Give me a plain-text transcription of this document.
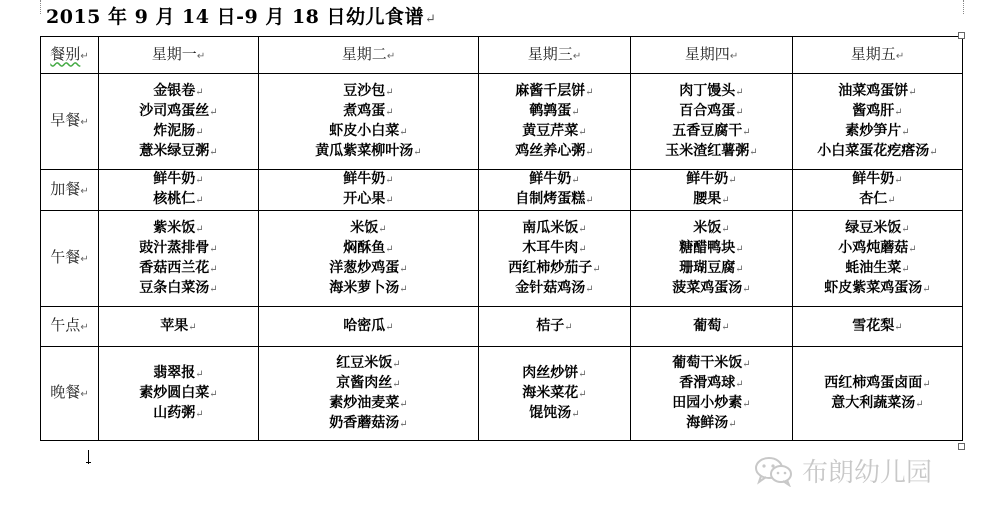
2015 年 9 月 14 日-9 月 18 日幼儿食谱↵
餐别↵	星期一↵	星期二↵	星期三↵	星期四↵	星期五↵
早餐↵	金银卷↵
沙司鸡蛋丝↵
炸泥肠↵
薏米绿豆粥↵	豆沙包↵
煮鸡蛋↵
虾皮小白菜↵
黄瓜紫菜柳叶汤↵	麻酱千层饼↵
鹌鹑蛋↵
黄豆芹菜↵
鸡丝养心粥↵	肉丁馒头↵
百合鸡蛋↵
五香豆腐干↵
玉米渣红薯粥↵	油菜鸡蛋饼↵
酱鸡肝↵
素炒笋片↵
小白菜蛋花疙瘩汤↵

加餐↵	鲜牛奶↵
核桃仁↵	鲜牛奶↵
开心果↵	鲜牛奶↵
自制烤蛋糕↵	鲜牛奶↵
腰果↵	鲜牛奶↵
杏仁↵

午餐↵	紫米饭↵
豉汁蒸排骨↵
香菇西兰花↵
豆条白菜汤↵	米饭↵
焖酥鱼↵
洋葱炒鸡蛋↵
海米萝卜汤↵	南瓜米饭↵
木耳牛肉↵
西红柿炒茄子↵
金针菇鸡汤↵	米饭↵
糖醋鸭块↵
珊瑚豆腐↵
菠菜鸡蛋汤↵	绿豆米饭↵
小鸡炖蘑菇↵
蚝油生菜↵
虾皮紫菜鸡蛋汤↵

午点↵	苹果↵	哈密瓜↵	桔子↵	葡萄↵	雪花梨↵

晚餐↵	翡翠报↵
素炒圆白菜↵
山药粥↵	红豆米饭↵
京酱肉丝↵
素炒油麦菜↵
奶香蘑菇汤↵	肉丝炒饼↵
海米菜花↵
馄饨汤↵	葡萄干米饭↵
香滑鸡球↵
田园小炒素↵
海鲜汤↵	西红柿鸡蛋卤面↵
意大利蔬菜汤↵
布朗幼儿园
